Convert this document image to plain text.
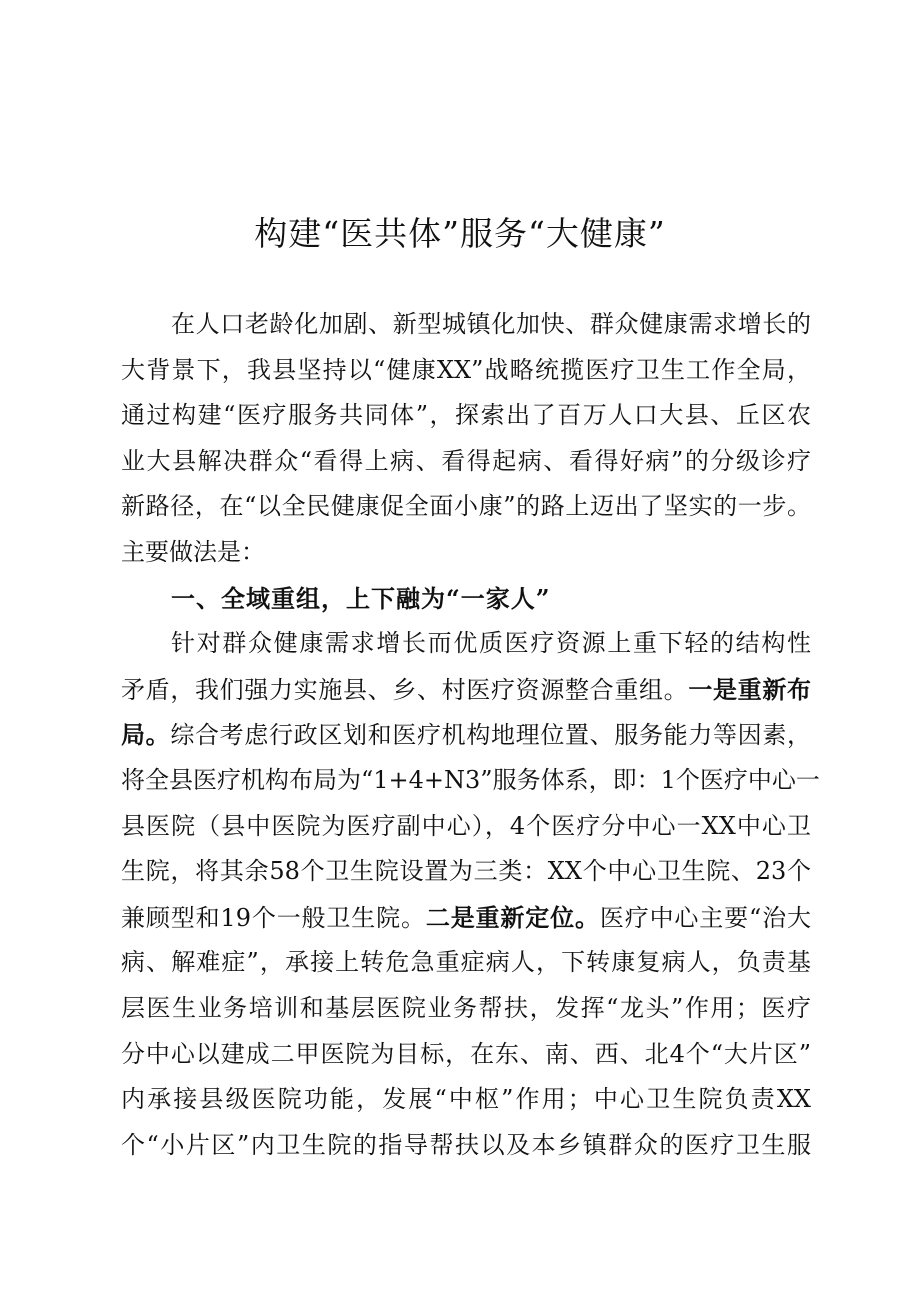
构建“医共体”服务“大健康”
在人口老龄化加剧、新型城镇化加快、群众健康需求增长的
大背景下，我县坚持以“健康XX”战略统揽医疗卫生工作全局，
通过构建“医疗服务共同体”，探索出了百万人口大县、丘区农
业大县解决群众“看得上病、看得起病、看得好病”的分级诊疗
新路径，在“以全民健康促全面小康”的路上迈出了坚实的一步。
主要做法是：
一、全域重组，上下融为“一家人”
针对群众健康需求增长而优质医疗资源上重下轻的结构性
矛盾，我们强力实施县、乡、村医疗资源整合重组。一是重新布
局。综合考虑行政区划和医疗机构地理位置、服务能力等因素，
将全县医疗机构布局为“1+4+N3”服务体系，即：1个医疗中心一
县医院（县中医院为医疗副中心），4个医疗分中心一XX中心卫
生院，将其余58个卫生院设置为三类：XX个中心卫生院、23个
兼顾型和19个一般卫生院。二是重新定位。医疗中心主要“治大
病、解难症”，承接上转危急重症病人，下转康复病人，负责基
层医生业务培训和基层医院业务帮扶，发挥“龙头”作用；医疗
分中心以建成二甲医院为目标，在东、南、西、北4个“大片区”
内承接县级医院功能，发展“中枢”作用；中心卫生院负责XX
个“小片区”内卫生院的指导帮扶以及本乡镇群众的医疗卫生服
